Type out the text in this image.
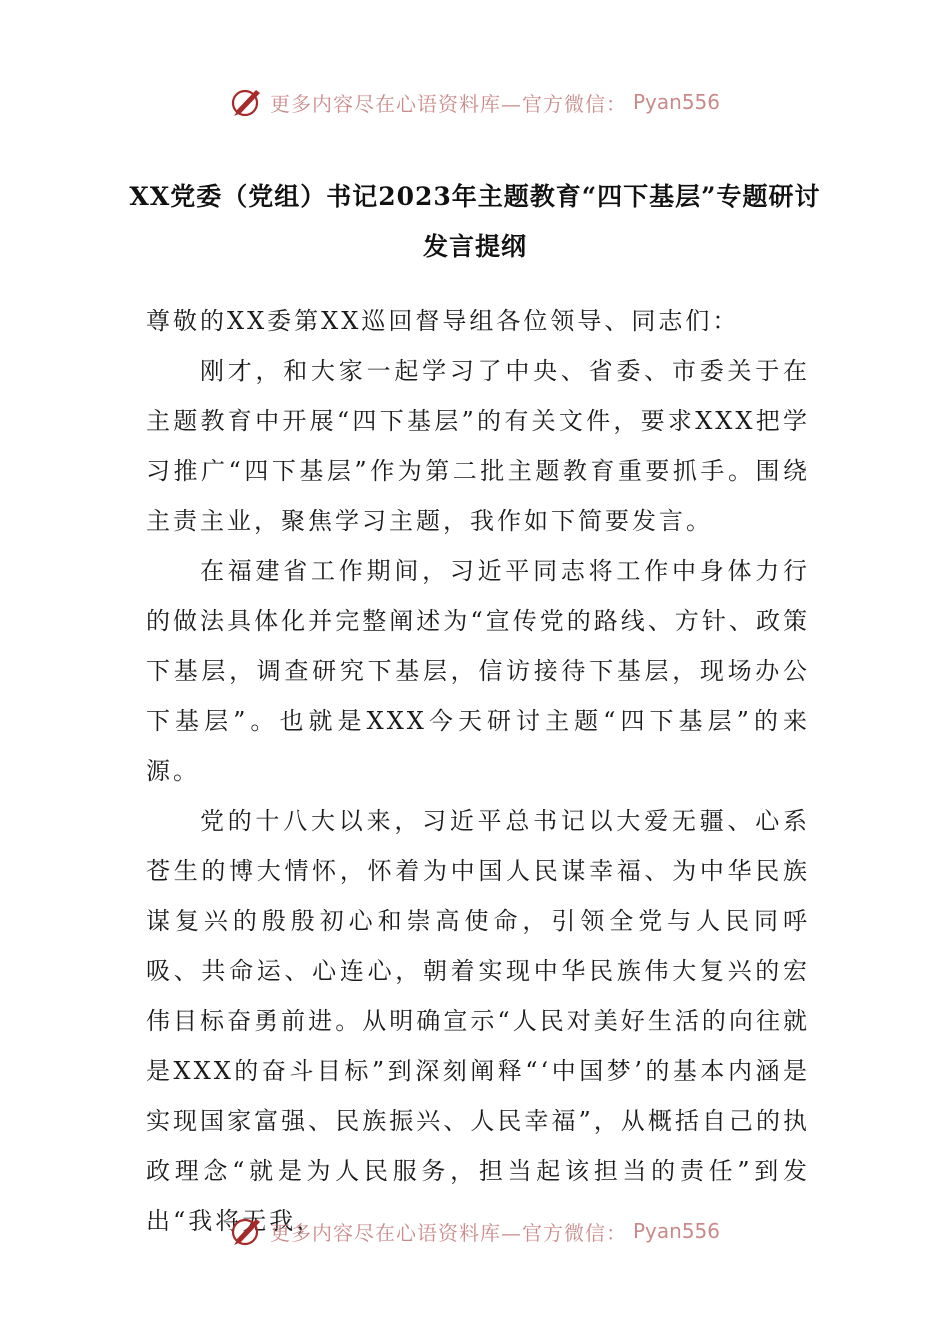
更多内容尽在心语资料库—官方微信： Pyan556
XX党委（党组）书记2023年主题教育“四下基层”专题研讨发言提纲

尊敬的XX委第XX巡回督导组各位领导、同志们：

刚才，和大家一起学习了中央、省委、市委关于在主题教育中开展“四下基层”的有关文件，要求XXX把学习推广“四下基层”作为第二批主题教育重要抓手。围绕主责主业，聚焦学习主题，我作如下简要发言。

在福建省工作期间，习近平同志将工作中身体力行的做法具体化并完整阐述为“宣传党的路线、方针、政策下基层，调查研究下基层，信访接待下基层，现场办公下基层”。也就是XXX今天研讨主题“四下基层”的来源。

党的十八大以来，习近平总书记以大爱无疆、心系苍生的博大情怀，怀着为中国人民谋幸福、为中华民族谋复兴的殷殷初心和崇高使命，引领全党与人民同呼吸、共命运、心连心，朝着实现中华民族伟大复兴的宏伟目标奋勇前进。从明确宣示“人民对美好生活的向往就是XXX的奋斗目标”到深刻阐释“‘中国梦’的基本内涵是实现国家富强、民族振兴、人民幸福”，从概括自己的执政理念“就是为人民服务，担当起该担当的责任”到发出“我将无我，

更多内容尽在心语资料库—官方微信： Pyan556
